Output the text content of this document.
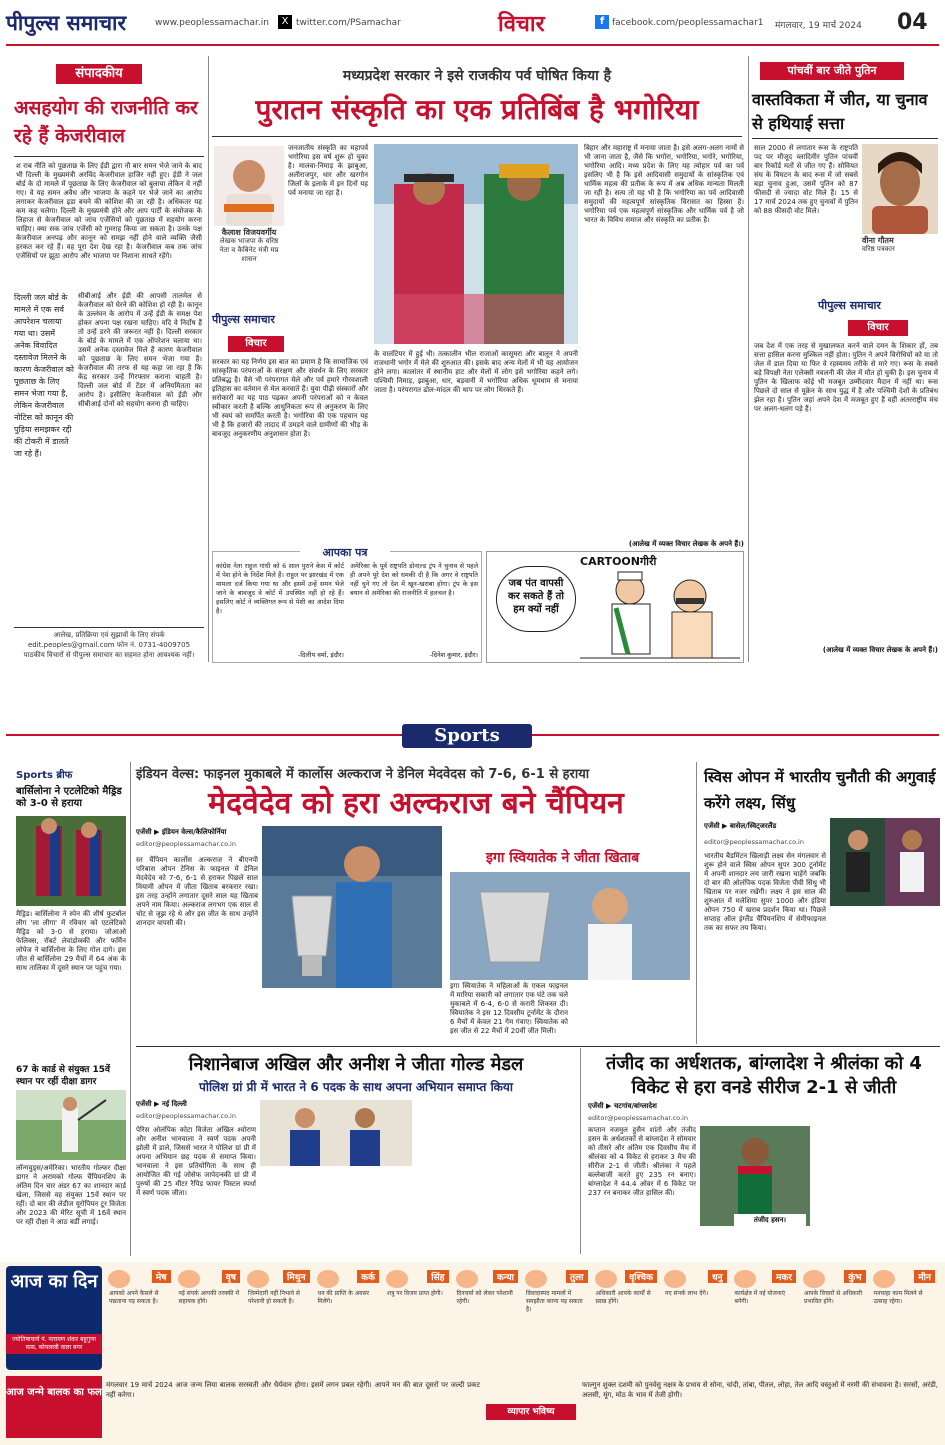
पीपुल्स समाचार	www.peoplessamachar.in	X twitter.com/PSamachar	विचार	f facebook.com/peoplessamachar1 मंगलवार, 19 मार्च 2024 04
संपादकीय
असहयोग की राजनीति कर रहे हैं केजरीवाल
श राब नीति को पूछताछ के लिए ईडी द्वारा नौ बार समन भेजे जाने के बाद भी दिल्ली के मुख्यमंत्री अरविंद केजरीवाल हाजिर नहीं हुए। ईडी ने जल बोर्ड के दो मामले में पूछताछ के लिए केजरीवाल को बुलाया लेकिन वे नहीं गए। वे यह समन अवैध और भाजपा के कहने पर भेजे जाने का आरोप लगाकर केजरीवाल इडा बचने की कोशिश की जा रही है। अधिकतर यह कम कह चलेगा। दिल्ली के मुख्यमंत्री होने और आप पार्टी के संयोजक के लिहाज से केजरीवाल को जांच एजेंसियों को पूछताछ में सहयोग करना चाहिए। क्या सक जांच एजेंसी को गुमराह किया जा सकता है। उनके पक्ष केजरीवाल अनपढ़ और कानून को समझ नहीं होने वाले व्यक्ति जैसी हरकत कर रहे हैं। वह पूरा देश देख रहा है। केजरीवाल कब तक जांच एजेंसियों पर झूठा आरोप और भाजपा पर निशाना साधते रहेंगे।
दिल्ली जल बोर्ड के मामले में एक सर्व आपरेशन चलाया गया था। उसमें अनेक विवादित दस्तावेज मिलने के कारण केजरीवाल को पूछताछ के लिए समन भेजा गया है, लेकिन केजरीवाल नोटिस को कानून की पुड़िया समझकर रद्दी की टोकरी में डालते जा रहे हैं।
सीबीआई और ईडी की आपसी तालमेल से केजरीवाल को घेरने की कोशिश हो रही है। कानून के उल्लंघन के आरोप में उन्हें ईडी के समक्ष पेश होकर अपना पक्ष रखना चाहिए। यदि वे निर्दोष हैं तो उन्हें डरने की जरूरत नहीं है। दिल्ली सरकार के बोर्ड के मामले में एक ऑपरेशन चलाया था। उसमें अनेक दस्तावेज मिले हैं कारण केजरीवाल को पूछताछ के लिए समन भेजा गया है। केजरीवाल की तरफ से यह कहा जा रहा है कि केंद्र सरकार उन्हें गिरफ्तार कराना चाहती है। दिल्ली जल बोर्ड में टेंडर में अनियमितता का आरोप है। इसीलिए केजरीवाल को ईडी और सीबीआई दोनों को सहयोग करना ही चाहिए।
आलेख, प्रतिक्रिया एवं सुझावों के लिए संपर्क
edit.peoples@gmail.com फोन नं. 0731-4009705
पाठकीय विचारों से पीपुल्स समाचार का सहमत होना आवश्यक नहीं।
मध्यप्रदेश सरकार ने इसे राजकीय पर्व घोषित किया है
पुरातन संस्कृति का एक प्रतिबिंब है भगोरिया
कैलाश विजयवर्गीय
लेखक भाजपा के वरिष्ठ नेता व कैबिनेट मंत्री मप्र शासन
जनजातीय संस्कृति का महापर्व भगोरिया इस वर्ष शुरू हो चुका है। मालवा-निमाड़ के झाबुआ, अलीराजपुर, धार और खरगोन जिलों के इलाके में इन दिनों यह पर्व मनाया जा रहा है।
पीपुल्स समाचार
विचार
सरकार का यह निर्णय इस बात का प्रमाण है कि सामाजिक एवं सांस्कृतिक परंपराओं के संरक्षण और संवर्धन के लिए सरकार प्रतिबद्ध है। वैसे भी परंपरागत मेले और पर्व हमारे गौरवशाली इतिहास का वर्तमान से मेल करवाते हैं। युवा पीढ़ी संस्कारों और सरोकारों का यह पाठ पढ़कर अपनी परंपराओं को न केवल स्वीकार करती है बल्कि आधुनिकता रूप से अनुकरण के लिए भी स्वयं को समर्पित करती है। भगोरिया की एक पहचान यह भी है कि हजारों की तादाद में उमड़ने वाले ग्रामीणों की भीड़ के बावजूद अनुकरणीय अनुशासन होता है।
के वालंटियर में हुई थी। तत्कालीन भील राजाओं कासूमरा और बालून ने अपनी राजधानी भगोर में मेले की शुरुआत की। इसके बाद अन्य मेलों में भी यह आयोजन होने लगा। कालांतर में स्थानीय हाट और मेलों में लोग इसे भगोरिया कहने लगे। पश्चिमी निमाड़, झाबुआ, धार, बड़वानी में भगोरिया अधिक धूमधाम से मनाया जाता है। परंपरागत ढोल-मांदल की थाप पर लोग थिरकते हैं।
बिहार और महाराष्ट्र में मनाया जाता है। इसे अलग-अलग नामों से भी जाना जाता है, जैसे कि भगोरा, भगोरिया, भगोरे, भगोरिया, भगोरिया आदि। मध्य प्रदेश के लिए यह त्योहार पर्व का पर्व इसलिए भी है कि इसे आदिवासी समुदायों के सांस्कृतिक एवं धार्मिक महत्व की प्रतीक के रूप में अब अधिक मान्यता मिलती जा रही है। सत्य तो यह भी है कि भगोरिया का पर्व आदिवासी समुदायों की महत्वपूर्ण सांस्कृतिक विरासत का हिस्सा है। भगोरिया पर्व एक महत्वपूर्ण सांस्कृतिक और धार्मिक पर्व है जो भारत के विविध समाज और संस्कृति का प्रतीक है।
(आलेख में व्यक्त विचार लेखक के अपने हैं।)
आपका पत्र
कांग्रेस नेता राहुल गांधी को 6 साल पुराने केस में कोर्ट में पेश होने के निर्देश मिले हैं। राहुल पर झारखंड में एक मामला दर्ज किया गया था और इसमें उन्हें समन भेजे जाने के बावजूद वे कोर्ट में उपस्थित नहीं हो रहे हैं। इसलिए कोर्ट ने व्यक्तिगत रूप से पेशी का आदेश दिया है।
-दिलीप वर्मा, इंदौर।
अमेरिका के पूर्व राष्ट्रपति डोनाल्ड ट्रंप ने चुनाव से पहले ही अपने पूरे देश को धमकी दी है कि अगर वे राष्ट्रपति नहीं चुने गए तो देश में खून-खराबा होगा। ट्रंप के इस बयान से अमेरिका की राजनीति में हलचल है।
-दिनेश कुमार, इंदौर।
CARTOONगीरी
जब पंत वापसी कर सकते हैं तो हम क्यों नहीं
पांचवीं बार जीते पुतिन
वास्तविकता में जीत, या चुनाव से हथियाई सत्ता
साल 2000 से लगातार रूस के राष्ट्रपति पद पर मौजूद व्लादिमीर पुतिन पांचवीं बार रिकॉर्ड मतों से जीत गए हैं। सोवियत संघ के विघटन के बाद रूस में जो सबसे बड़ा चुनाव हुआ, उसमें पुतिन को 87 फीसदी से ज्यादा वोट मिले हैं। 15 से 17 मार्च 2024 तक हुए चुनावों में पुतिन को 88 फीसदी वोट मिले।
वीना गौतम
वरिष्ठ पत्रकार
पीपुल्स समाचार
विचार
जब देश में एक तरह से मुखालफत करने वाले दमन के शिकार हों, तब सत्ता हासिल करना मुश्किल नहीं होता। पुतिन ने अपने विरोधियों को या तो जेल में डाल दिया या फिर वे रहस्यमय तरीके से मारे गए। रूस के सबसे बड़े विपक्षी नेता एलेक्सी नवलनी की जेल में मौत हो चुकी है। इस चुनाव में पुतिन के खिलाफ कोई भी मजबूत उम्मीदवार मैदान में नहीं था। रूस पिछले दो साल से यूक्रेन के साथ युद्ध में है और पश्चिमी देशों के प्रतिबंध झेल रहा है। पुतिन जहां अपने देश में मजबूत हुए हैं वहीं अंतरराष्ट्रीय मंच पर अलग-थलग पड़े हैं।
(आलेख में व्यक्त विचार लेखक के अपने हैं।)
Sports
Sports ब्रीफ
बार्सिलोना ने एटलेटिको मैड्रिड को 3-0 से हराया
मैड्रिड। बार्सिलोना ने स्पेन की शीर्ष फुटबॉल लीग 'ला लीगा' में रविवार को एटलेटिको मैड्रिड को 3-0 से हराया। जोआओ फेलिक्स, रॉबर्ट लेवांडोव्स्की और फर्मिन लोपेज ने बार्सिलोना के लिए गोल दागे। इस जीत से बार्सिलोना 29 मैचों में 64 अंक के साथ तालिका में दूसरे स्थान पर पहुंच गया।
67 के कार्ड से संयुक्त 15वें स्थान पर रहीं दीक्षा डागर
लॉन्गवुड्स/अमेरिका। भारतीय गोल्फर दीक्षा डागर ने अरामको गोल्फ चैंपियनशिप के अंतिम दिन चार अंडर 67 का शानदार कार्ड खेला, जिससे वह संयुक्त 15वें स्थान पर रहीं। दो बार की लेडीज यूरोपियन टूर विजेता और 2023 की मेरिट सूची में 16वें स्थान पर रहीं दीक्षा ने आठ बर्डी लगाई।
इंडियन वेल्स: फाइनल मुकाबले में कार्लोस अल्कराज ने डेनिल मेदवेदस को 7-6, 6-1 से हराया
मेदवेदेव को हरा अल्कराज बने चैंपियन
एजेंसी ▶ इंडियन वेल्स/कैलिफोर्निया
editor@peoplessamachar.co.in
स्त चैंपियन कार्लोस अल्कराज ने बीएनपी परिबास ओपन टेनिस के फाइनल में डेनिल मेदवेदेव को 7-6, 6-1 से हराकर पिछले साल मियामी ओपन में जीता खिताब बरकरार रखा। इस तरह उन्होंने लगातार दूसरे साल यह खिताब अपने नाम किया। अल्कराज लगभग एक साल से चोट से जूझ रहे थे और इस जीत के साथ उन्होंने शानदार वापसी की।
इगा स्वियातेक ने जीता खिताब
इगा स्वियातेक ने महिलाओं के एकल फाइनल में मारिया सकारी को लगातार एक घंटे तक चले मुकाबले में 6-4, 6-0 से करारी शिकस्त दी। स्वियातेक ने इस 12 दिवसीय टूर्नामेंट के दौरान 6 मैचों में केवल 21 गेम गंवाए। स्वियातेक को इस जीत से 22 मैचों में 20वीं जीत मिली।
स्विस ओपन में भारतीय चुनौती की अगुवाई करेंगे लक्ष्य, सिंधु
एजेंसी ▶ बासेल/स्विट्जरलैंड
editor@peoplessamachar.co.in
भारतीय बैडमिंटन खिलाड़ी लक्ष्य सेन मंगलवार से शुरू होने वाले स्विस ओपन सुपर 300 टूर्नामेंट में अपनी शानदार लय जारी रखना चाहेंगे जबकि दो बार की ओलंपिक पदक विजेता पीवी सिंधु भी खिताब पर नजर रखेंगी। लक्ष्य ने इस साल की शुरुआत में मलेशिया सुपर 1000 और इंडिया ओपन 750 में खराब प्रदर्शन किया था। पिछले सप्ताह ऑल इंग्लैंड चैंपियनशिप में सेमीफाइनल तक का सफर तय किया।
निशानेबाज अखिल और अनीश ने जीता गोल्ड मेडल
पोलिश ग्रां प्री में भारत ने 6 पदक के साथ अपना अभियान समाप्त किया
एजेंसी ▶ नई दिल्ली
editor@peoplessamachar.co.in
पेरिस ओलंपिक कोटा विजेता अखिल श्योराण और अनीश भानवाला ने स्वर्ण पदक अपनी झोली में डाले, जिससे भारत ने पोलिश ग्रां प्री में अपना अभियान छह पदक से समाप्त किया। भानवाला ने इस प्रतियोगिता के साथ ही आयोजित की गई जोसेफ जापेदन्स्की ग्रां प्री में पुरुषों की 25 मीटर रैपिड फायर पिस्टल स्पर्धा में स्वर्ण पदक जीता।
तंजीद का अर्धशतक, बांग्लादेश ने श्रीलंका को 4 विकेट से हरा वनडे सीरीज 2-1 से जीती
एजेंसी ▶ चटगांव/बांग्लादेश
editor@peoplessamachar.co.in
कप्तान नजमुल हुसैन शांतो और तंजीद हसन के अर्धशतकों से बांग्लादेश ने सोमवार को तीसरे और अंतिम एक दिवसीय मैच में श्रीलंका को 4 विकेट से हराकर 3 मैच की सीरीज 2-1 से जीती। श्रीलंका ने पहले बल्लेबाजी करते हुए 235 रन बनाए। बांग्लादेश ने 44.4 ओवर में 6 विकेट पर 237 रन बनाकर जीत हासिल की।
तंजीद हसन।
आज का दिन
ज्योतिषाचार्य पं. नारायण शंकर बहुगुणा वत्स, कोयलावी वाला बगर
मेष
आपको अपने कैसले से पछताना पड़ सकता है।
वृष
नई संपर्क आपकी तरक्की में सहायक होंगे।
मिथुन
जिम्मेदारी नहीं निभाने से परेशानी हो सकती है।
कर्क
धन की प्राप्ति के अवसर मिलेंगे।
सिंह
शत्रु पर विजय प्राप्त होगी।
कन्या
दिनचर्या को लेकर परेशानी रहेगी।
तुला
विवादास्पद मामलों में समझौता करना पड़ सकता है।
वृश्चिक
अधिकारी आपके कार्यों से प्रसन्न होंगे।
धनु
नए संपर्क लाभ देंगे।
मकर
कार्यक्षेत्र में नई योजनाएं बनेंगी।
कुंभ
आपके विचारों से अधिकारी प्रभावित होंगे।
मीन
मनचाहा काम मिलने से उत्साह रहेगा।
आज जन्मे बालक का फल
मंगलवार 19 मार्च 2024 आज जन्म लिया बालक सरस्वती और धैर्यवान होगा। इसमें लगन प्रबल रहेगी। आपने मन की बात दूसरों पर जल्दी प्रकट नहीं करेगा।
व्यापार भविष्य
फाल्गुन शुक्ल दशमी को पुनर्वसु नक्षत्र के प्रभाव से सोना, चांदी, तांबा, पीतल, लोहा, तेल आदि वस्तुओं में नरमी की संभावना है। सरसों, अरंडी, अलसी, मूंग, मोठ के भाव में तेजी होगी।
